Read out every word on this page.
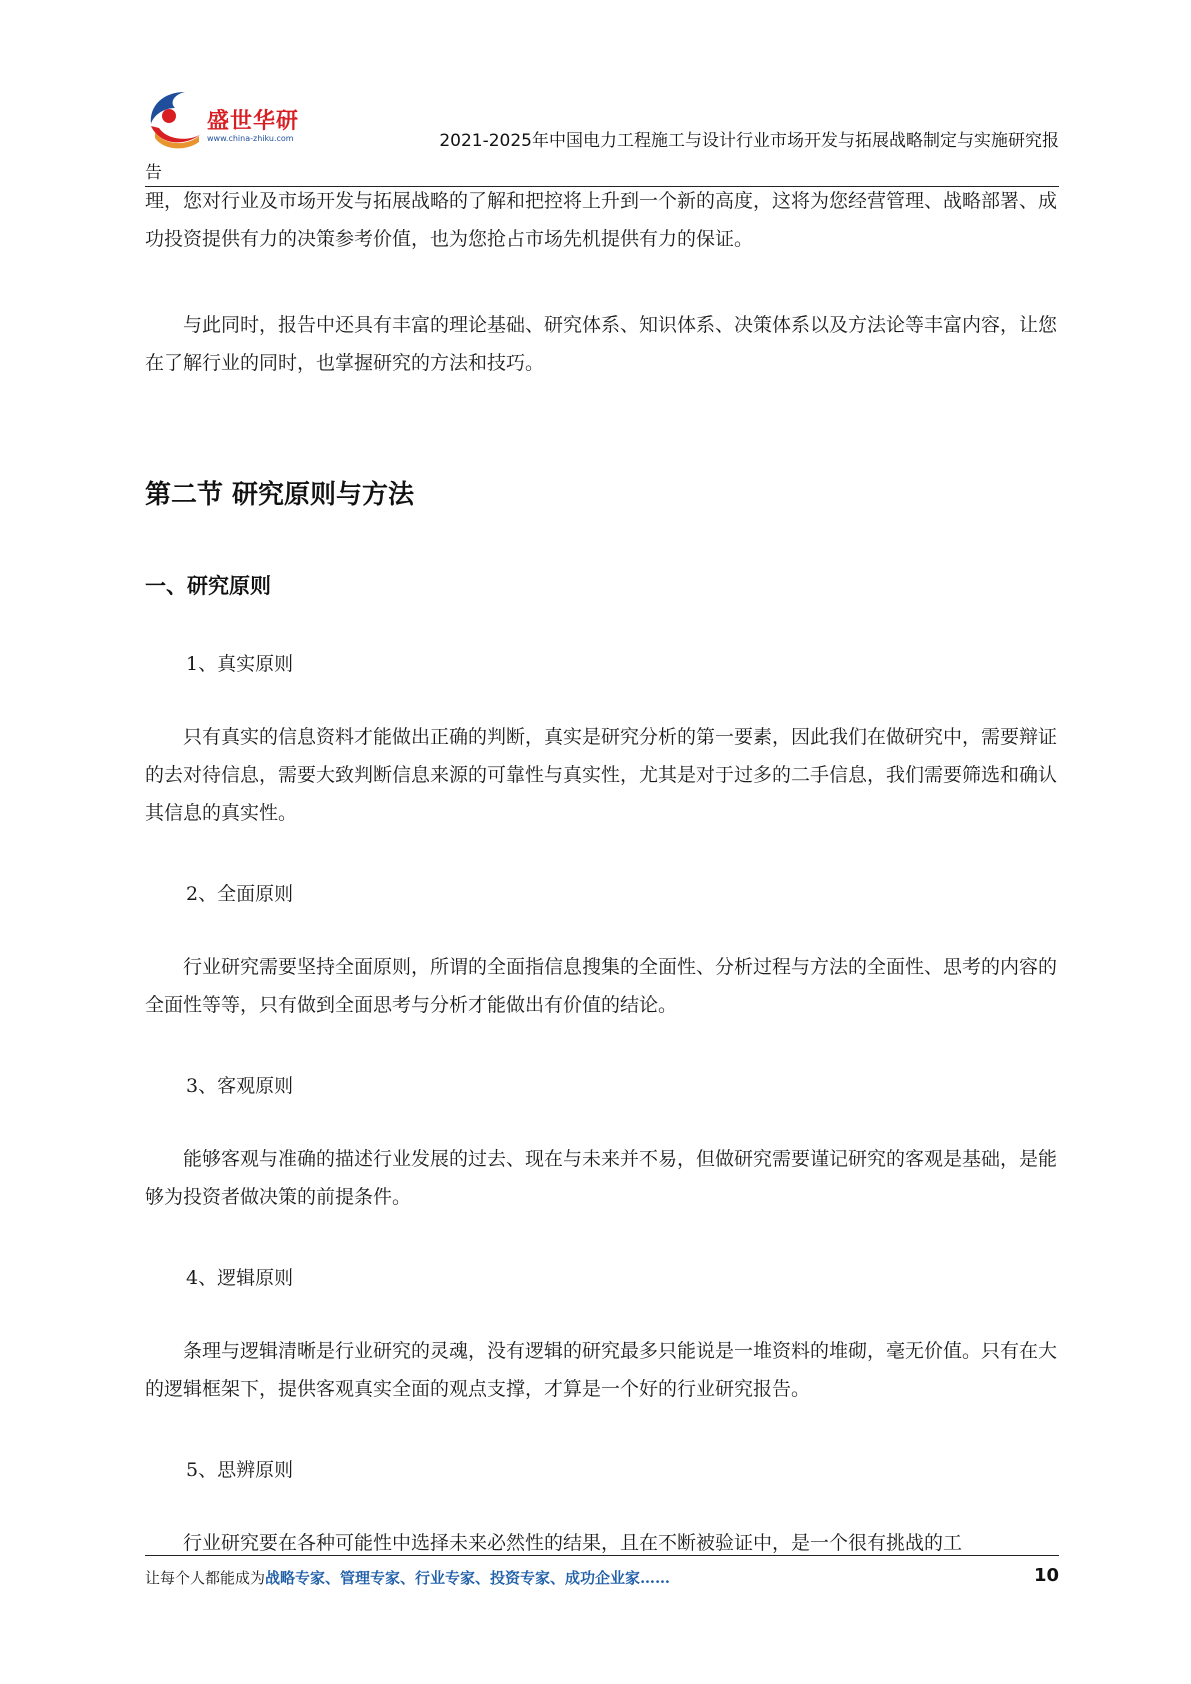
盛世华研
www.china-zhiku.com	2021-2025年中国电力工程施工与设计行业市场开发与拓展战略制定与实施研究报
告

理，您对行业及市场开发与拓展战略的了解和把控将上升到一个新的高度，这将为您经营管理、战略部署、成功投资提供有力的决策参考价值，也为您抢占市场先机提供有力的保证。

与此同时，报告中还具有丰富的理论基础、研究体系、知识体系、决策体系以及方法论等丰富内容，让您在了解行业的同时，也掌握研究的方法和技巧。

第二节 研究原则与方法
一、研究原则
1、真实原则

只有真实的信息资料才能做出正确的判断，真实是研究分析的第一要素，因此我们在做研究中，需要辩证的去对待信息，需要大致判断信息来源的可靠性与真实性，尤其是对于过多的二手信息，我们需要筛选和确认其信息的真实性。

2、全面原则

行业研究需要坚持全面原则，所谓的全面指信息搜集的全面性、分析过程与方法的全面性、思考的内容的全面性等等，只有做到全面思考与分析才能做出有价值的结论。

3、客观原则

能够客观与准确的描述行业发展的过去、现在与未来并不易，但做研究需要谨记研究的客观是基础，是能够为投资者做决策的前提条件。

4、逻辑原则

条理与逻辑清晰是行业研究的灵魂，没有逻辑的研究最多只能说是一堆资料的堆砌，毫无价值。只有在大的逻辑框架下，提供客观真实全面的观点支撑，才算是一个好的行业研究报告。

5、思辨原则

行业研究要在各种可能性中选择未来必然性的结果，且在不断被验证中，是一个很有挑战的工

让每个人都能成为战略专家、管理专家、行业专家、投资专家、成功企业家……	10
